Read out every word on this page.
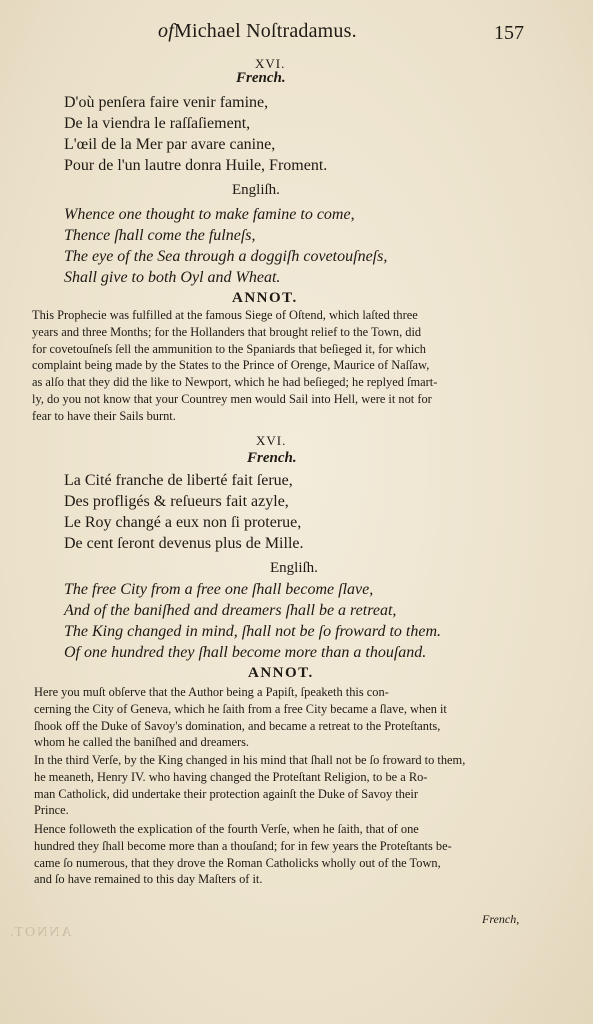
ofMichael Noſtradamus.	157
XVI.
French.
D'où penſera faire venir famine,
De la viendra le raſſaſiement,
L'œil de la Mer par avare canine,
Pour de l'un lautre donra Huile, Froment.
Engliſh.
Whence one thought to make famine to come,
Thence ſhall come the fulneſs,
The eye of the Sea through a doggiſh covetouſneſs,
Shall give to both Oyl and Wheat.
ANNOT.
This Prophecie was fulfilled at the famous Siege of Oſtend, which laſted three
years and three Months; for the Hollanders that brought relief to the Town, did
for covetouſneſs ſell the ammunition to the Spaniards that beſieged it, for which
complaint being made by the States to the Prince of Orenge, Maurice of Naſſaw,
as alſo that they did the like to Newport, which he had beſieged; he replyed ſmart-
ly, do you not know that your Countrey men would Sail into Hell, were it not for
fear to have their Sails burnt.
XVI.
French.
La Cité franche de liberté fait ſerue,
Des profligés & reſueurs fait azyle,
Le Roy changé a eux non ſi proterue,
De cent ſeront devenus plus de Mille.
Engliſh.
The free City from a free one ſhall become ſlave,
And of the baniſhed and dreamers ſhall be a retreat,
The King changed in mind, ſhall not be ſo froward to them.
Of one hundred they ſhall become more than a thouſand.
ANNOT.
Here you muſt obſerve that the Author being a Papiſt, ſpeaketh this con-
cerning the City of Geneva, which he ſaith from a free City became a ſlave, when it
ſhook off the Duke of Savoy's domination, and became a retreat to the Proteſtants,
whom he called the baniſhed and dreamers.
In the third Verſe, by the King changed in his mind that ſhall not be ſo froward to them,
he meaneth, Henry IV. who having changed the Proteſtant Religion, to be a Ro-
man Catholick, did undertake their protection againſt the Duke of Savoy their
Prince.
Hence followeth the explication of the fourth Verſe, when he ſaith, that of one
hundred they ſhall become more than a thouſand; for in few years the Proteſtants be-
came ſo numerous, that they drove the Roman Catholicks wholly out of the Town,
and ſo have remained to this day Maſters of it.
ANNOT.
French,
